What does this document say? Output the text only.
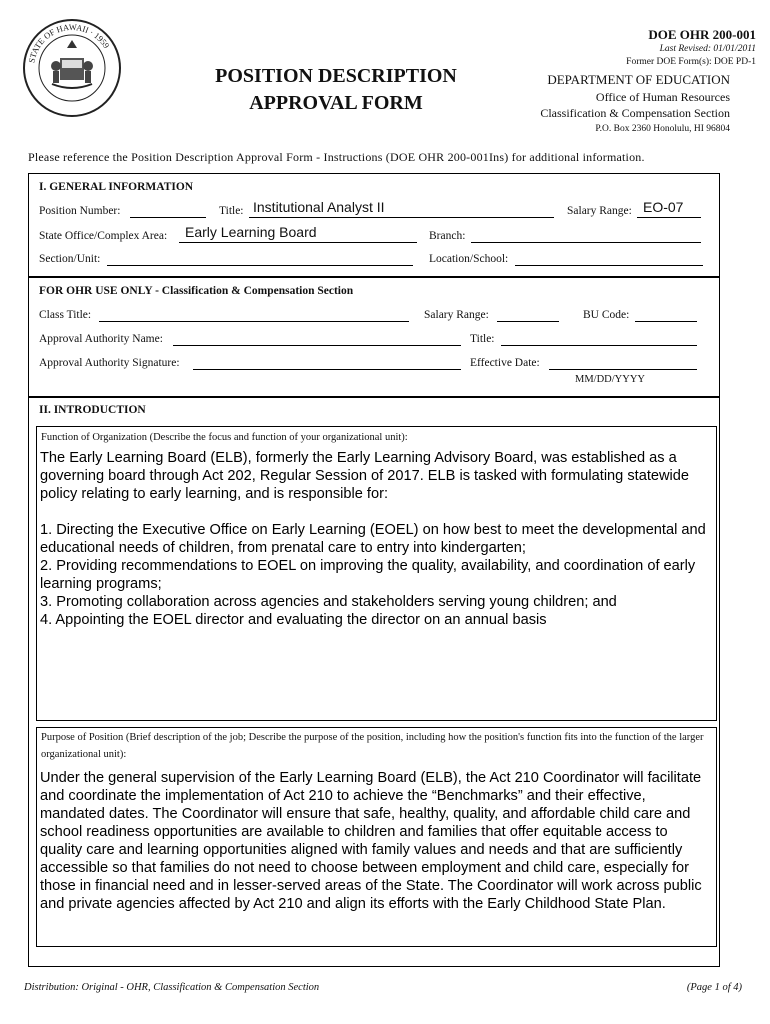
STATE OF HAWAII · 1959
POSITION DESCRIPTION
APPROVAL FORM
DOE OHR 200-001
Last Revised: 01/01/2011
Former DOE Form(s): DOE PD-1
DEPARTMENT OF EDUCATION
Office of Human Resources
Classification & Compensation Section
P.O. Box 2360 Honolulu, HI 96804
Please reference the Position Description Approval Form - Instructions (DOE OHR 200-001Ins) for additional information.
I. GENERAL INFORMATION
Position Number:	Title: Institutional Analyst II	Salary Range: EO-07
State Office/Complex Area: Early Learning Board	Branch:
Section/Unit:	Location/School:
FOR OHR USE ONLY - Classification & Compensation Section
Class Title:	Salary Range:	BU Code:
Approval Authority Name:	Title:
Approval Authority Signature:	Effective Date:
MM/DD/YYYY
II. INTRODUCTION
Function of Organization (Describe the focus and function of your organizational unit):

The Early Learning Board (ELB), formerly the Early Learning Advisory Board, was established as a governing board through Act 202, Regular Session of 2017. ELB is tasked with formulating statewide policy relating to early learning, and is responsible for:

1. Directing the Executive Office on Early Learning (EOEL) on how best to meet the developmental and educational needs of children, from prenatal care to entry into kindergarten;

2. Providing recommendations to EOEL on improving the quality, availability, and coordination of early learning programs;

3. Promoting collaboration across agencies and stakeholders serving young children; and

4. Appointing the EOEL director and evaluating the director on an annual basis

Purpose of Position (Brief description of the job; Describe the purpose of the position, including how the position's function fits into the function of the larger organizational unit):
Under the general supervision of the Early Learning Board (ELB), the Act 210 Coordinator will facilitate and coordinate the implementation of Act 210 to achieve the “Benchmarks” and their effective, mandated dates. The Coordinator will ensure that safe, healthy, quality, and affordable child care and school readiness opportunities are available to children and families that offer equitable access to quality care and learning opportunities aligned with family values and needs and that are sufficiently accessible so that families do not need to choose between employment and child care, especially for those in financial need and in lesser-served areas of the State. The Coordinator will work across public and private agencies affected by Act 210 and align its efforts with the Early Childhood State Plan.
Distribution: Original - OHR, Classification & Compensation Section	(Page 1 of 4)
